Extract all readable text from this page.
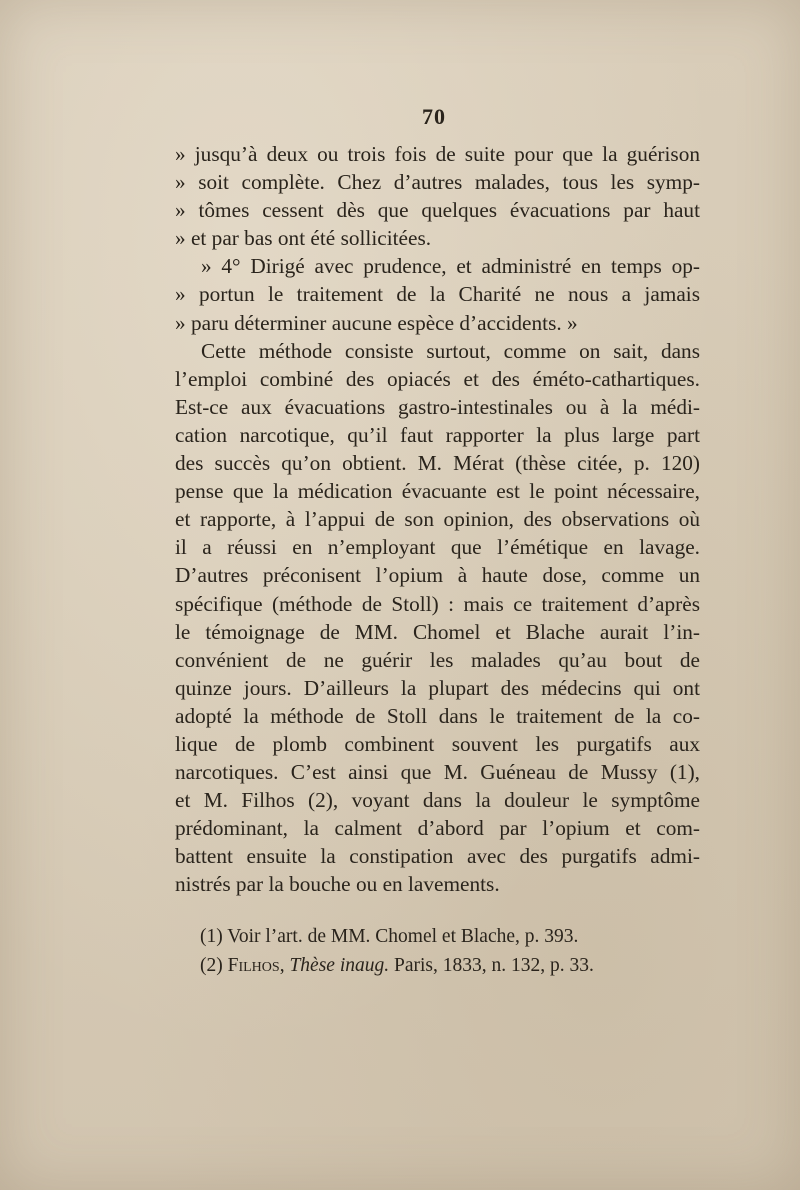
70
» jusqu’à deux ou trois fois de suite pour que la guérison
» soit complète. Chez d’autres malades, tous les symp-
» tômes cessent dès que quelques évacuations par haut
» et par bas ont été sollicitées.
» 4° Dirigé avec prudence, et administré en temps op-
» portun le traitement de la Charité ne nous a jamais
» paru déterminer aucune espèce d’accidents. »
Cette méthode consiste surtout, comme on sait, dans
l’emploi combiné des opiacés et des éméto-cathartiques.
Est-ce aux évacuations gastro-intestinales ou à la médi-
cation narcotique, qu’il faut rapporter la plus large part
des succès qu’on obtient. M. Mérat (thèse citée, p. 120)
pense que la médication évacuante est le point nécessaire,
et rapporte, à l’appui de son opinion, des observations où
il a réussi en n’employant que l’émétique en lavage.
D’autres préconisent l’opium à haute dose, comme un
spécifique (méthode de Stoll) : mais ce traitement d’après
le témoignage de MM. Chomel et Blache aurait l’in-
convénient de ne guérir les malades qu’au bout de
quinze jours. D’ailleurs la plupart des médecins qui ont
adopté la méthode de Stoll dans le traitement de la co-
lique de plomb combinent souvent les purgatifs aux
narcotiques. C’est ainsi que M. Guéneau de Mussy (1),
et M. Filhos (2), voyant dans la douleur le symptôme
prédominant, la calment d’abord par l’opium et com-
battent ensuite la constipation avec des purgatifs admi-
nistrés par la bouche ou en lavements.
(1) Voir l’art. de MM. Chomel et Blache, p. 393.
(2) Filhos, Thèse inaug. Paris, 1833, n. 132, p. 33.
